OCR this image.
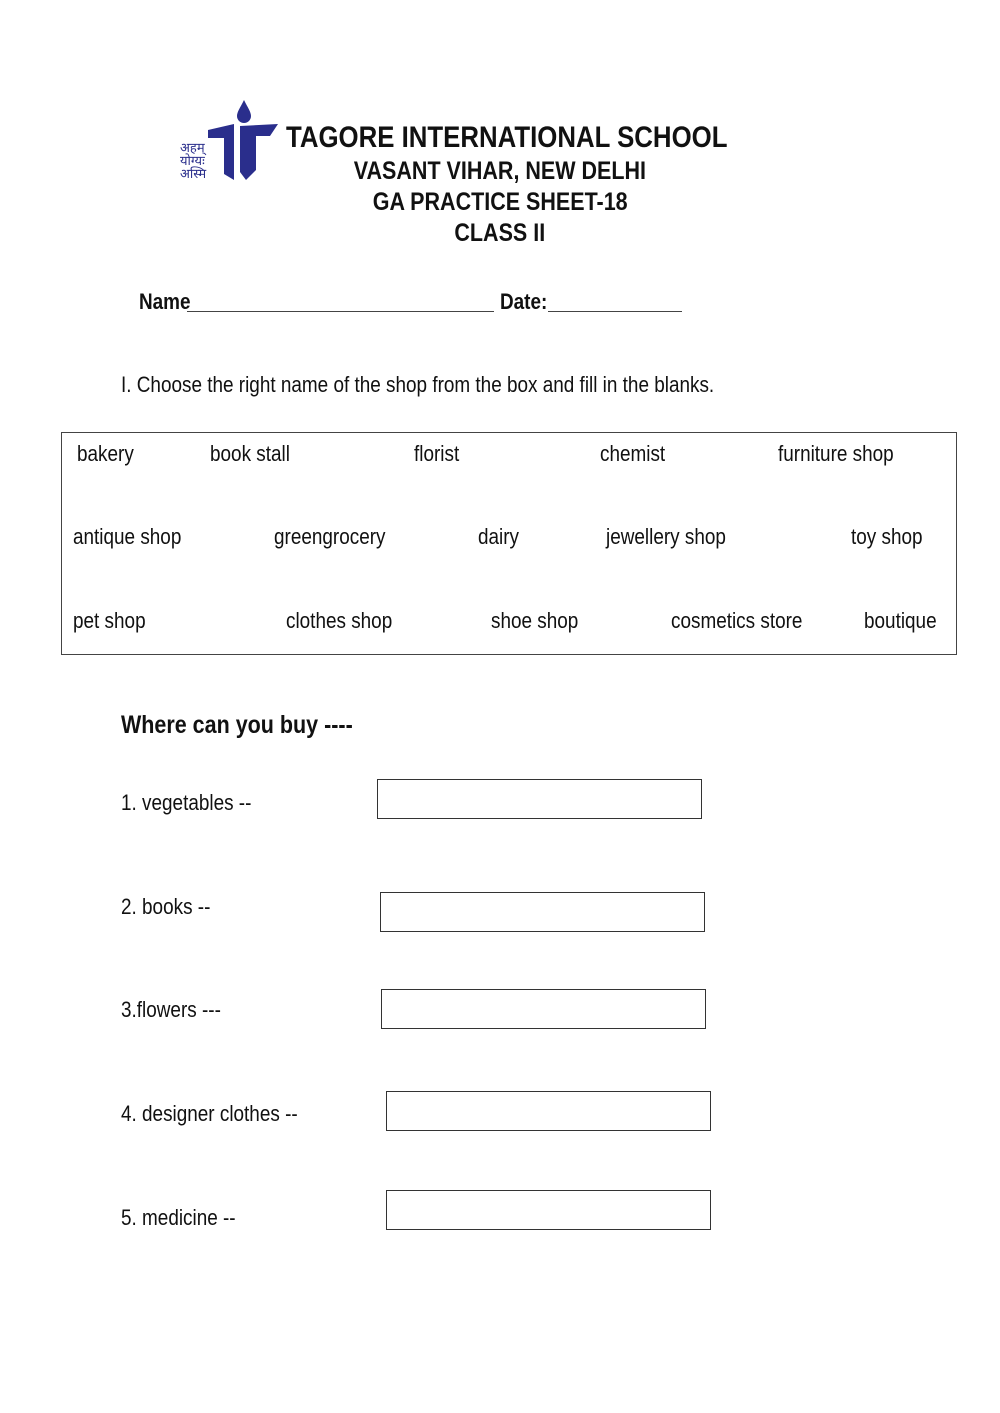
अहम्
योग्यः
अस्मि
TAGORE INTERNATIONAL SCHOOL
VASANT VIHAR, NEW DELHI
GA PRACTICE SHEET-18
CLASS II
Name	Date:
I. Choose the right name of the shop from the box and fill in the blanks.
bakery	book stall	florist	chemist	furniture shop
antique shop	greengrocery	dairy	jewellery shop	toy shop
pet shop	clothes shop	shoe shop	cosmetics store	boutique
Where can you buy ----
1. vegetables --
2. books --
3.flowers ---
4. designer clothes --
5. medicine --
